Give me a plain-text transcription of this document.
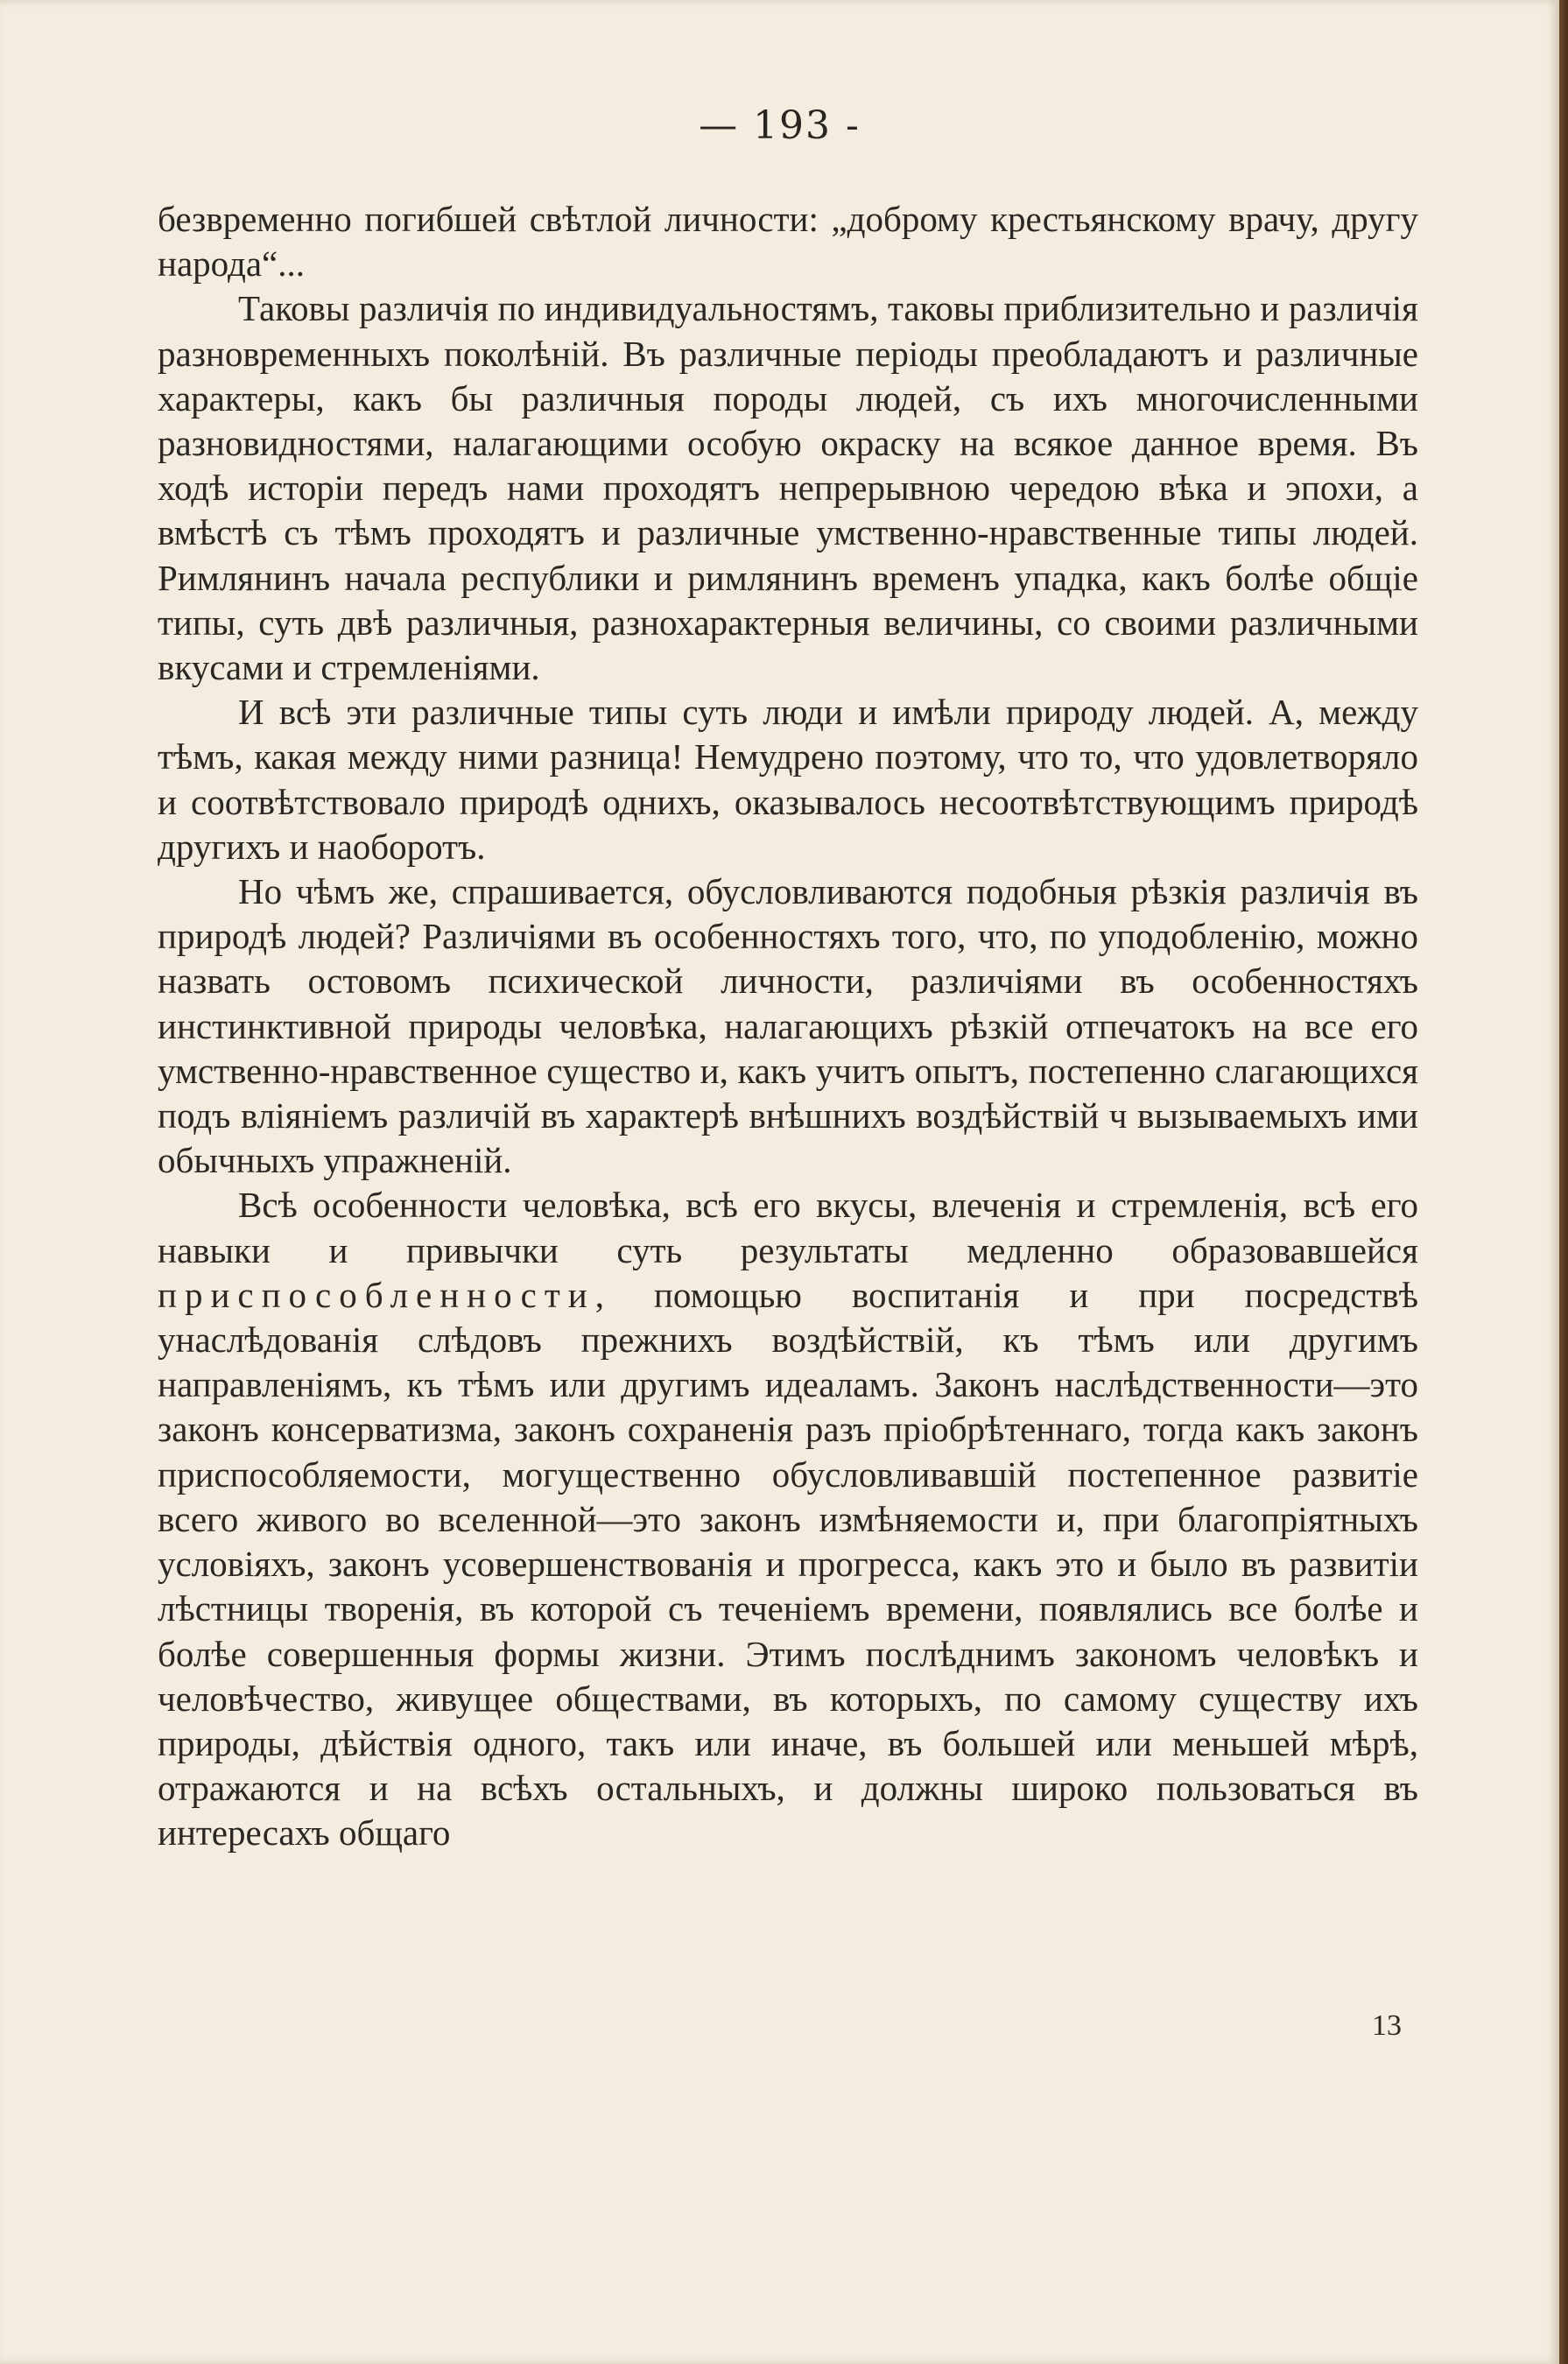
— 193 -

безвременно погибшей свѣтлой личности: „доброму крестьянскому врачу, другу народа“...

Таковы различія по индивидуальностямъ, таковы приблизительно и различія разновременныхъ поколѣній. Въ различные періоды преобладаютъ и различные характеры, какъ бы различныя породы людей, съ ихъ многочисленными разновидностями, налагающими особую окраску на всякое данное время. Въ ходѣ исторіи передъ нами проходятъ непрерывною чередою вѣка и эпохи, а вмѣстѣ съ тѣмъ проходятъ и различные умственно-нравственные типы людей. Римлянинъ начала республики и римлянинъ временъ упадка, какъ болѣе общіе типы, суть двѣ различныя, разнохарактерныя величины, со своими различными вкусами и стремленіями.

И всѣ эти различные типы суть люди и имѣли природу людей. А, между тѣмъ, какая между ними разница! Немудрено поэтому, что то, что удовлетворяло и соотвѣтствовало природѣ однихъ, оказывалось несоотвѣтствующимъ природѣ другихъ и наоборотъ.

Но чѣмъ же, спрашивается, обусловливаются подобныя рѣзкія различія въ природѣ людей? Различіями въ особенностяхъ того, что, по уподобленію, можно назвать остовомъ психической личности, различіями въ особенностяхъ инстинктивной природы человѣка, налагающихъ рѣзкій отпечатокъ на все его умственно-нравственное существо и, какъ учитъ опытъ, постепенно слагающихся подъ вліяніемъ различій въ характерѣ внѣшнихъ воздѣйствій ч вызываемыхъ ими обычныхъ упражненій.

Всѣ особенности человѣка, всѣ его вкусы, влеченія и стремленія, всѣ его навыки и привычки суть результаты медленно образовавшейся приспособленности, помощью воспитанія и при посредствѣ унаслѣдованія слѣдовъ прежнихъ воздѣйствій, къ тѣмъ или другимъ направленіямъ, къ тѣмъ или другимъ идеаламъ. Законъ наслѣдственности—это законъ консерватизма, законъ сохраненія разъ пріобрѣтеннаго, тогда какъ законъ приспособляемости, могущественно обусловливавшій постепенное развитіе всего живого во вселенной—это законъ измѣняемости и, при благопріятныхъ условіяхъ, законъ усовершенствованія и прогресса, какъ это и было въ развитіи лѣстницы творенія, въ которой съ теченіемъ времени, появлялись все болѣе и болѣе совершенныя формы жизни. Этимъ послѣднимъ закономъ человѣкъ и человѣчество, живущее обществами, въ которыхъ, по самому существу ихъ природы, дѣйствія одного, такъ или иначе, въ большей или меньшей мѣрѣ, отражаются и на всѣхъ остальныхъ, и должны широко пользоваться въ интересахъ общаго

13
